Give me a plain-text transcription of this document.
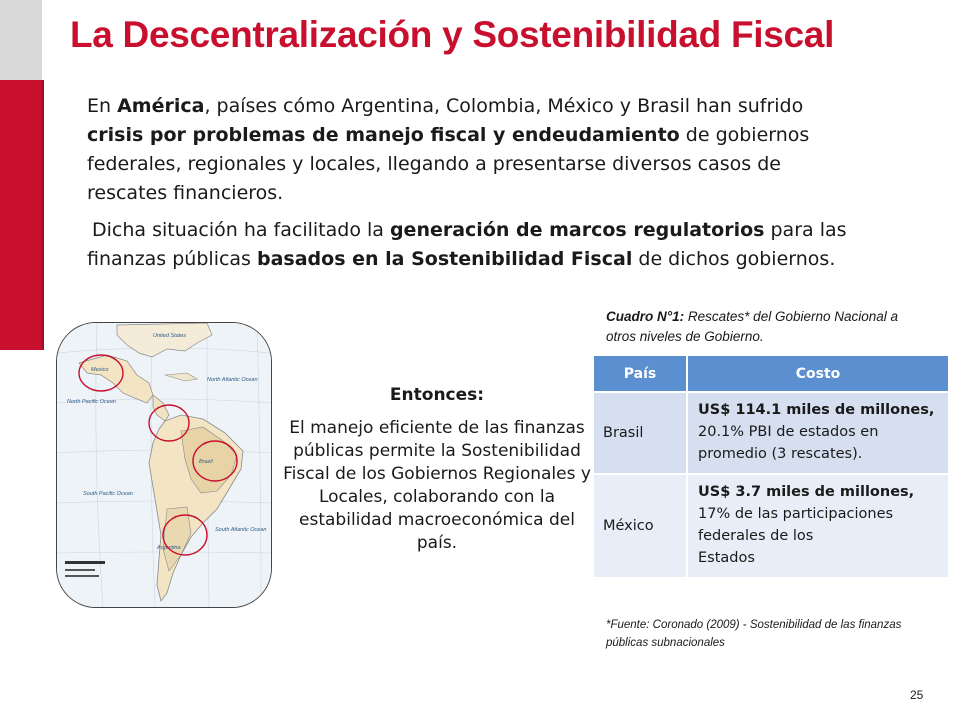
La Descentralización y Sostenibilidad Fiscal

En América, países cómo Argentina, Colombia, México y Brasil han sufrido crisis por problemas de manejo fiscal y endeudamiento de gobiernos federales, regionales y locales, llegando a presentarse diversos casos de rescates financieros.

Dicha situación ha facilitado la generación de marcos regulatorios para las finanzas públicas basados en la Sostenibilidad Fiscal de dichos gobiernos.

United States
Mexico
North Atlantic Ocean
North Pacific Ocean
Brazil
South Pacific Ocean
South Atlantic Ocean
Argentina
Entonces:
El manejo eficiente de las finanzas públicas permite la Sostenibilidad Fiscal de los Gobiernos Regionales y Locales, colaborando con la estabilidad macroeconómica del país.
Cuadro N°1: Rescates* del Gobierno Nacional a otros niveles de Gobierno.
País	Costo
Brasil	US$ 114.1 miles de millones, 20.1% PBI de estados en promedio (3 rescates).
México	US$ 3.7 miles de millones,
17% de las participaciones federales de los
Estados
*Fuente: Coronado (2009) - Sostenibilidad de las finanzas públicas subnacionales
25
